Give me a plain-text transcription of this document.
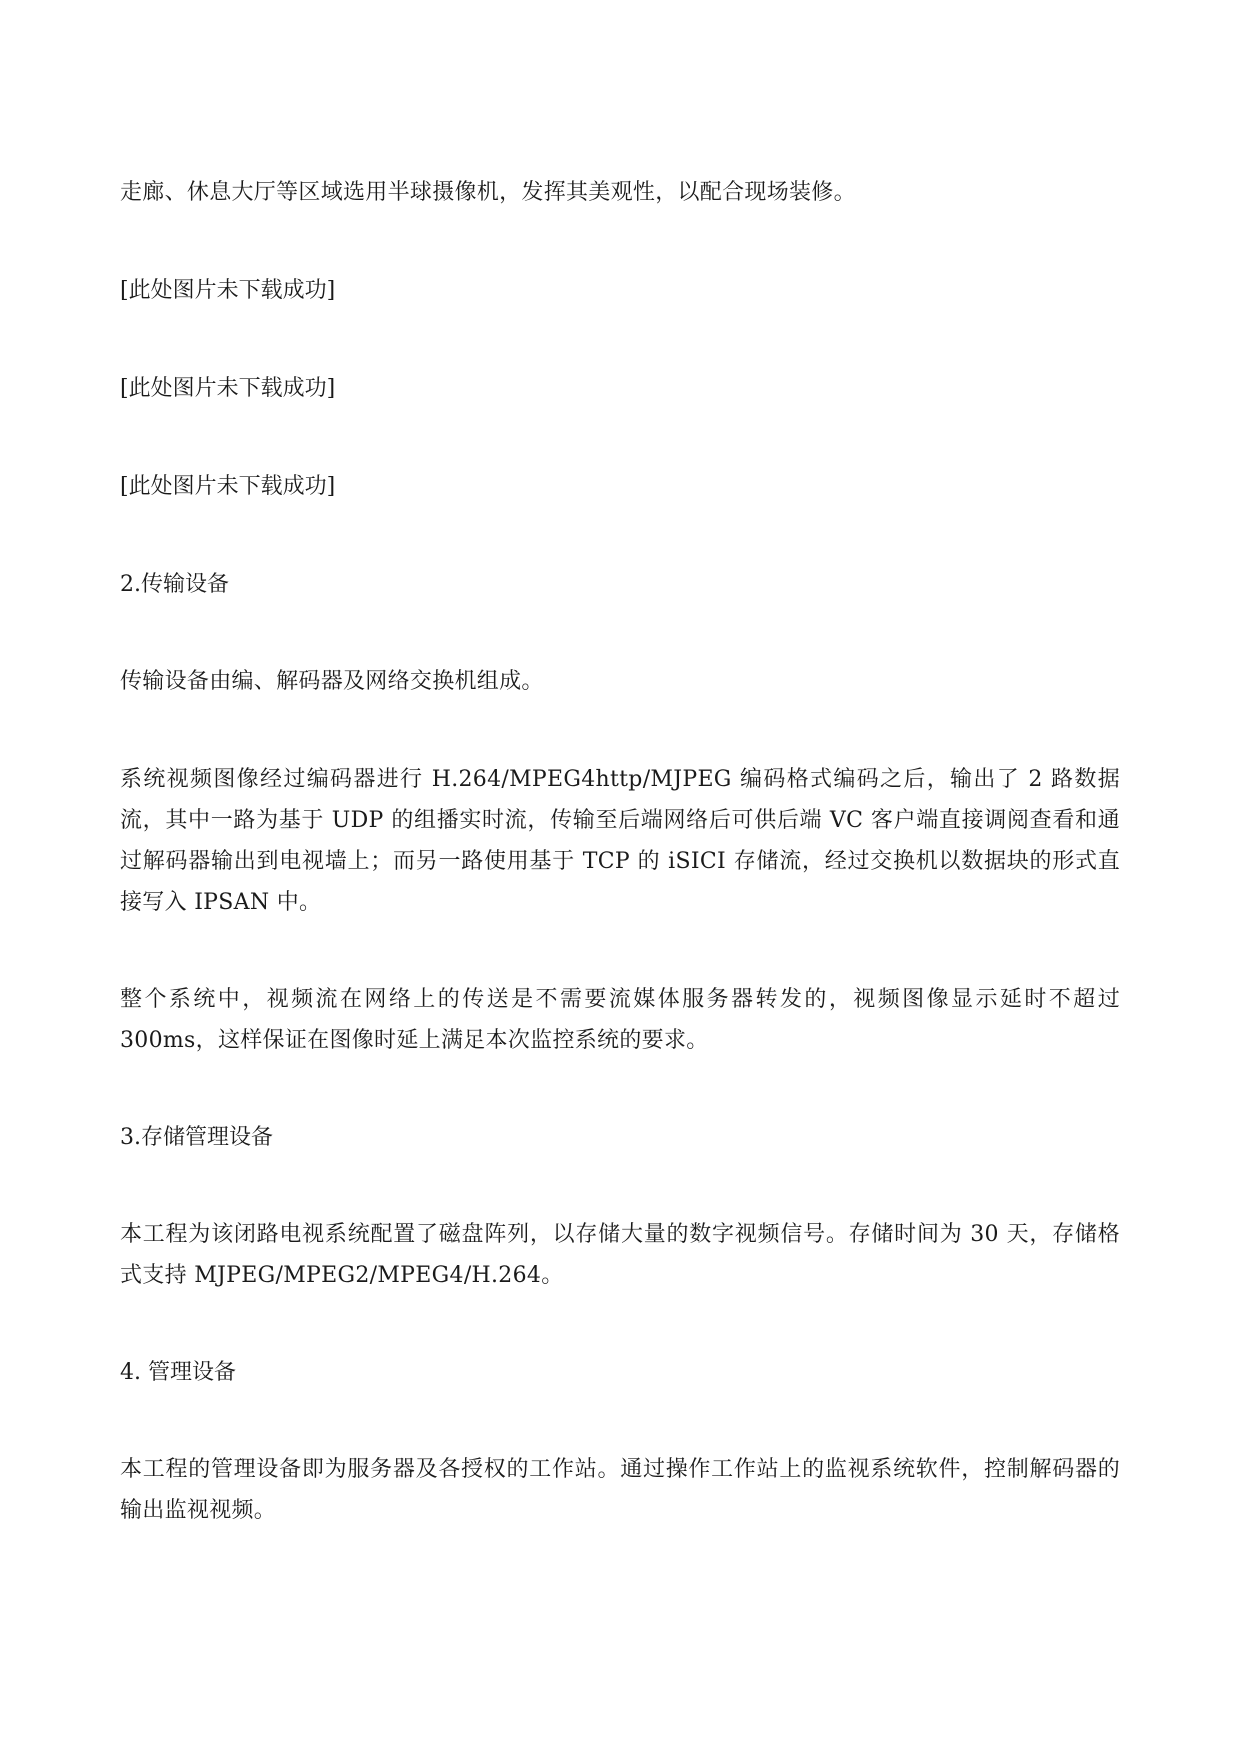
走廊、休息大厅等区域选用半球摄像机，发挥其美观性，以配合现场装修。

[此处图片未下载成功]

[此处图片未下载成功]

[此处图片未下载成功]

2.传输设备

传输设备由编、解码器及网络交换机组成。

系统视频图像经过编码器进行 H.264/MPEG4http/MJPEG 编码格式编码之后，输出了 2 路数据流，其中一路为基于 UDP 的组播实时流，传输至后端网络后可供后端 VC 客户端直接调阅查看和通过解码器输出到电视墙上；而另一路使用基于 TCP 的 iSICI 存储流，经过交换机以数据块的形式直接写入 IPSAN 中。

整个系统中，视频流在网络上的传送是不需要流媒体服务器转发的，视频图像显示延时不超过 300ms，这样保证在图像时延上满足本次监控系统的要求。

3.存储管理设备

本工程为该闭路电视系统配置了磁盘阵列，以存储大量的数字视频信号。存储时间为 30 天，存储格式支持 MJPEG/MPEG2/MPEG4/H.264。

4. 管理设备

本工程的管理设备即为服务器及各授权的工作站。通过操作工作站上的监视系统软件，控制解码器的输出监视视频。
